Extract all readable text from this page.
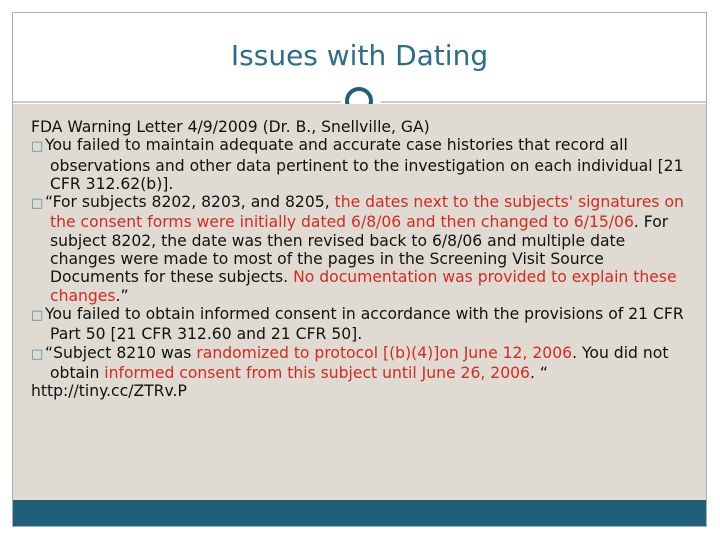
Issues with Dating

FDA Warning Letter 4/9/2009 (Dr. B., Snellville, GA)

□ You failed to maintain adequate and accurate case histories that record all observations and other data pertinent to the investigation on each individual [21 CFR 312.62(b)].

□ “For subjects 8202, 8203, and 8205, the dates next to the subjects' signatures on the consent forms were initially dated 6/8/06 and then changed to 6/15/06. For subject 8202, the date was then revised back to 6/8/06 and multiple date changes were made to most of the pages in the Screening Visit Source Documents for these subjects. No documentation was provided to explain these changes.”

□ You failed to obtain informed consent in accordance with the provisions of 21 CFR Part 50 [21 CFR 312.60 and 21 CFR 50].

□ “Subject 8210 was randomized to protocol [(b)(4)]on June 12, 2006. You did not obtain informed consent from this subject until June 26, 2006. “

http://tiny.cc/ZTRv.P
